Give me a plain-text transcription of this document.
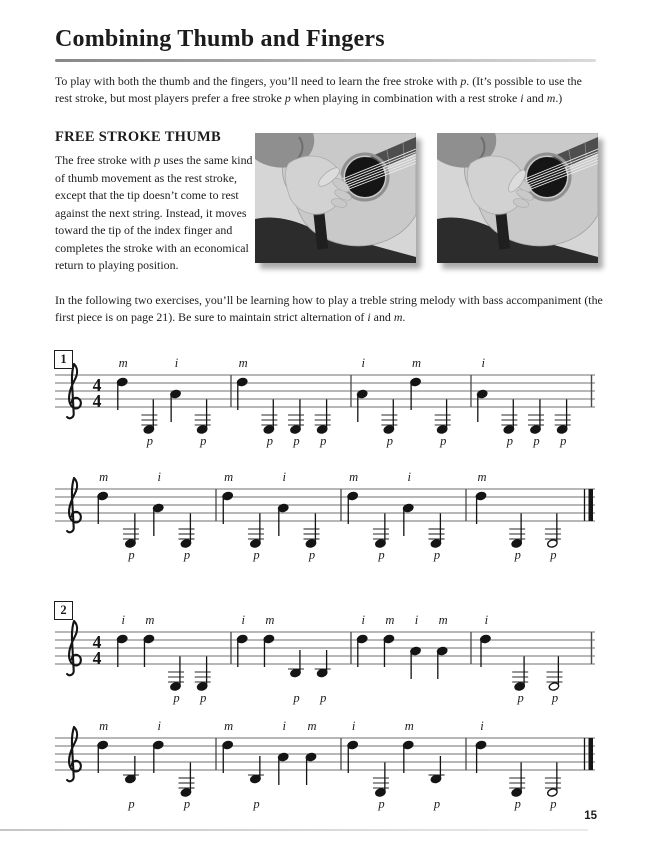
Combining Thumb and Fingers
To play with both the thumb and the fingers, you’ll need to learn the free stroke with p. (It’s possible to use the rest stroke, but most players prefer a free stroke p when playing in combination with a rest stroke i and m.)
FREE STROKE THUMB
The free stroke with p uses the same kind of thumb movement as the rest stroke, except that the tip doesn’t come to rest against the next string. Instead, it moves toward the tip of the index finger and completes the stroke with an economical return to playing position.
In the following two exercises, you’ll be learning how to play a treble string melody with bass accompaniment (the first piece is on page 21). Be sure to maintain strict alternation of i and m.
1
4
4
m
p
i
p
m
p p p
i
p
m
p
i
p p p
m
p
i
p
m
p
i
p
m
p
i
p
m
p p
2
4
4
i m
p p
i m
p p
i m i m	i
p p
m
p
i
p
m
p
i m	i
p
m
p
i
p p
15
